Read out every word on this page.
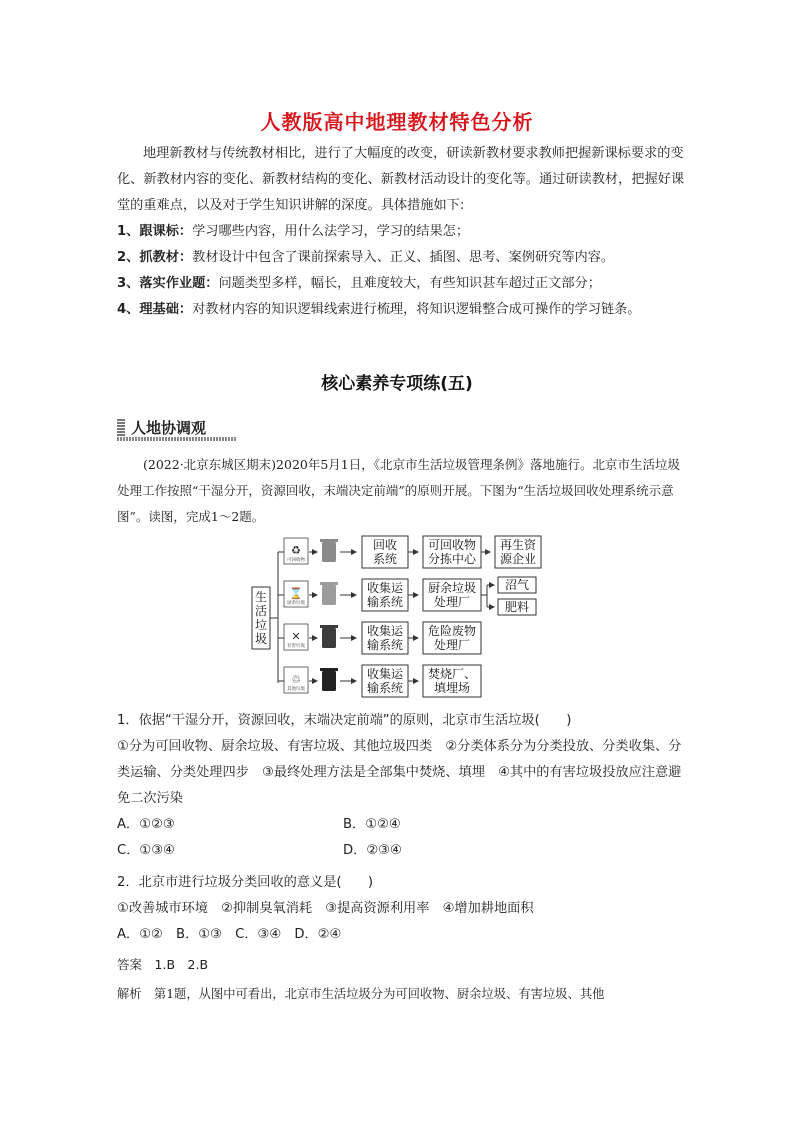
人教版高中地理教材特色分析

地理新教材与传统教材相比，进行了大幅度的改变，研读新教材要求教师把握新课标要求的变化、新教材内容的变化、新教材结构的变化、新教材活动设计的变化等。通过研读教材，把握好课堂的重难点，以及对于学生知识讲解的深度。具体措施如下:

1、跟课标：学习哪些内容，用什么法学习，学习的结果怎；

2、抓教材：教材设计中包含了课前探索导入、正义、插图、思考、案例研究等内容。

3、落实作业题：问题类型多样，幅长，且难度较大，有些知识甚车超过正文部分；

4、理基础：对教材内容的知识逻辑线索进行梳理，将知识逻辑整合成可操作的学习链条。

核心素养专项练(五)
人地协调观

(2022·北京东城区期末)2020年5月1日，《北京市生活垃圾管理条例》落地施行。北京市生活垃圾处理工作按照“干湿分开，资源回收，末端决定前端”的原则开展。下图为“生活垃圾回收处理系统示意图”。读图，完成1～2题。

生活垃圾
♻
可回收物
回收
系统
可回收物
分拣中心
再生资
源企业
⌛
厨余垃圾
收集运
输系统
厨余垃圾
处理厂
沼气
肥料
✕
有害垃圾
收集运
输系统
危险废物
处理厂
♲
其他垃圾
收集运
输系统
焚烧厂、
填埋场

1．依据“干湿分开，资源回收，末端决定前端”的原则，北京市生活垃圾(　　)

①分为可回收物、厨余垃圾、有害垃圾、其他垃圾四类　②分类体系分为分类投放、分类收集、分类运输、分类处理四步　③最终处理方法是全部集中焚烧、填埋　④其中的有害垃圾投放应注意避免二次污染

A．①②③	B．①②④

C．①③④	D．②③④

2．北京市进行垃圾分类回收的意义是(　　)

①改善城市环境　②抑制臭氧消耗　③提高资源利用率　④增加耕地面积

A．①②　B．①③　C．③④　D．②④

答案　 1.B　2.B
解析　 第1题，从图中可看出，北京市生活垃圾分为可回收物、厨余垃圾、有害垃圾、其他
